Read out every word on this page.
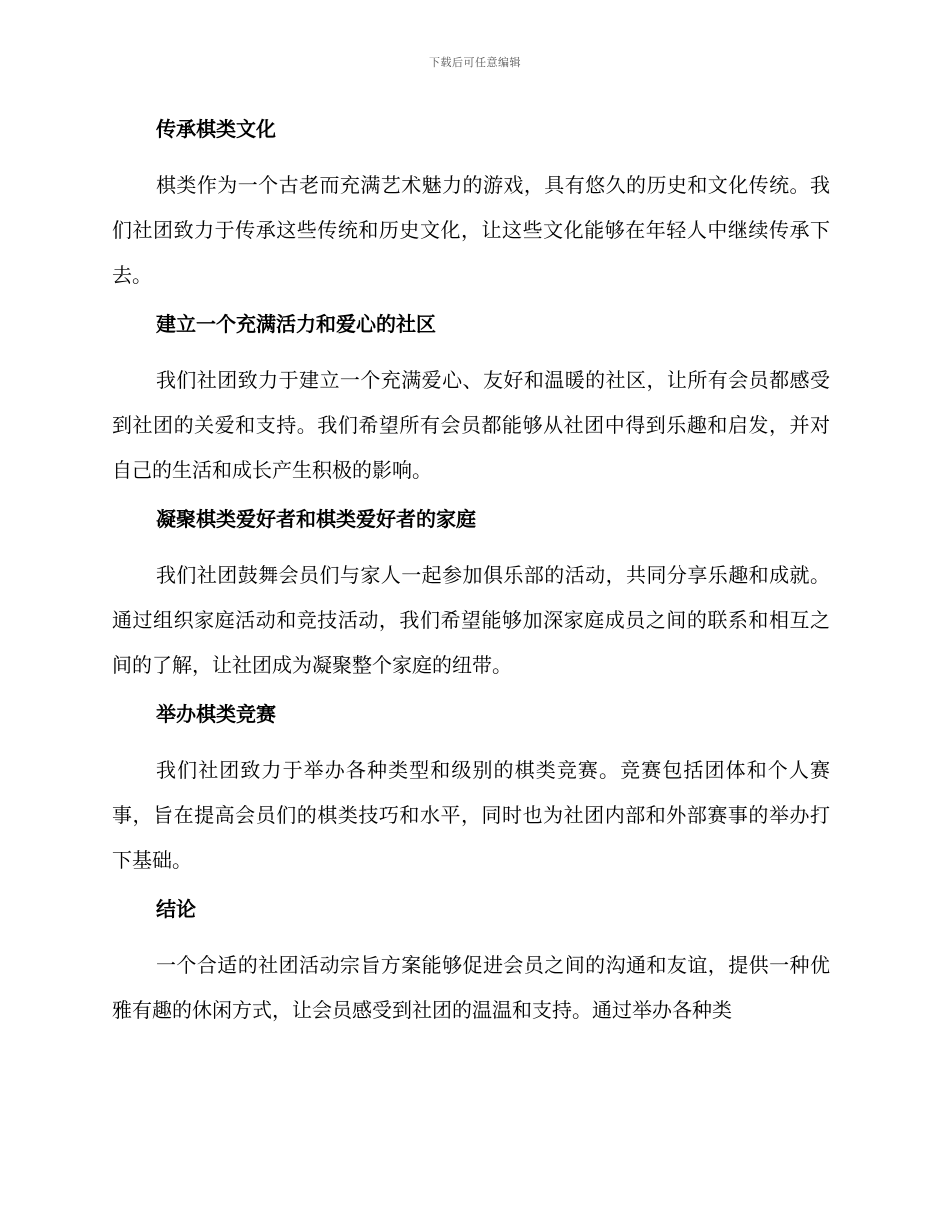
下载后可任意编辑
传承棋类文化

棋类作为一个古老而充满艺术魅力的游戏，具有悠久的历史和文化传统。我们社团致力于传承这些传统和历史文化，让这些文化能够在年轻人中继续传承下去。

建立一个充满活力和爱心的社区

我们社团致力于建立一个充满爱心、友好和温暖的社区，让所有会员都感受到社团的关爱和支持。我们希望所有会员都能够从社团中得到乐趣和启发，并对自己的生活和成长产生积极的影响。

凝聚棋类爱好者和棋类爱好者的家庭

我们社团鼓舞会员们与家人一起参加俱乐部的活动，共同分享乐趣和成就。通过组织家庭活动和竞技活动，我们希望能够加深家庭成员之间的联系和相互之间的了解，让社团成为凝聚整个家庭的纽带。

举办棋类竞赛

我们社团致力于举办各种类型和级别的棋类竞赛。竞赛包括团体和个人赛事，旨在提高会员们的棋类技巧和水平，同时也为社团内部和外部赛事的举办打下基础。

结论

一个合适的社团活动宗旨方案能够促进会员之间的沟通和友谊，提供一种优雅有趣的休闲方式，让会员感受到社团的温温和支持。通过举办各种类
